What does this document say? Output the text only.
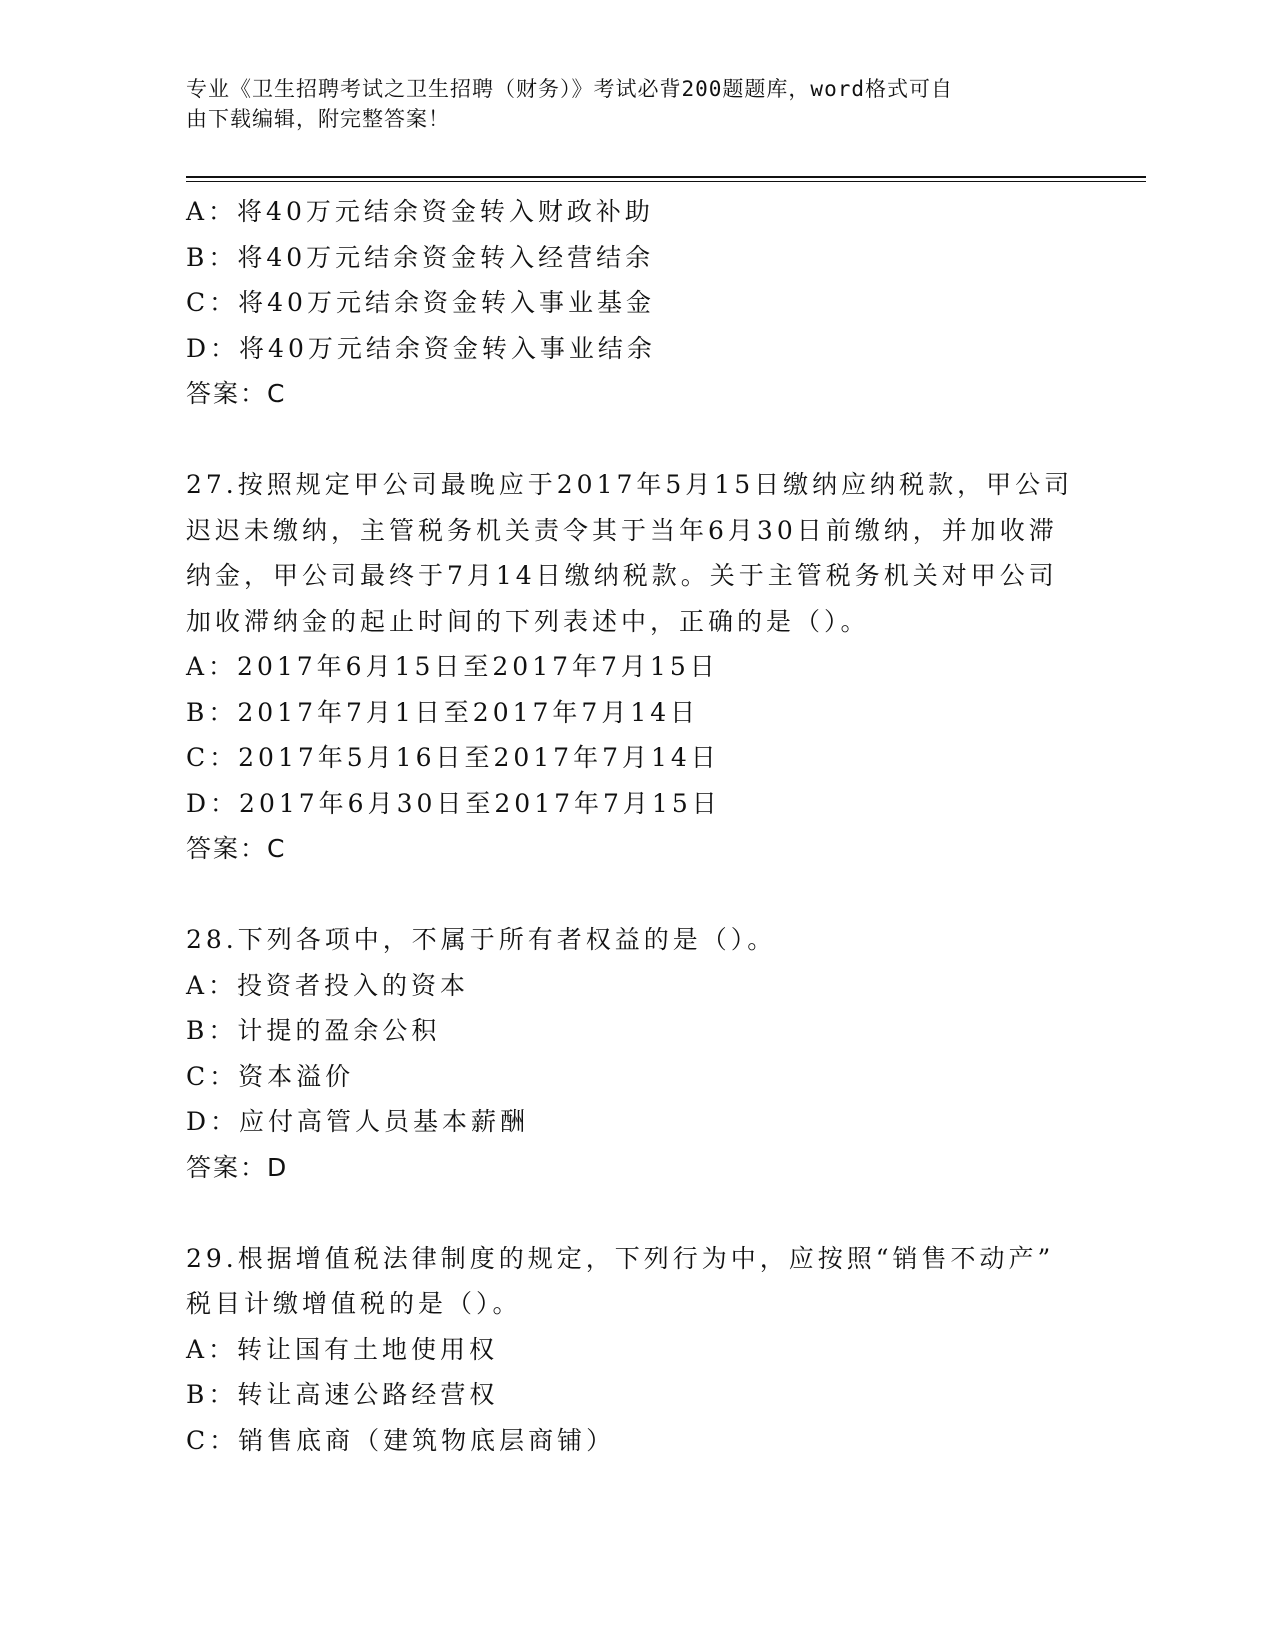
专业《卫生招聘考试之卫生招聘（财务）》考试必背200题题库，word格式可自
由下载编辑，附完整答案！
A：将40万元结余资金转入财政补助
B：将40万元结余资金转入经营结余
C：将40万元结余资金转入事业基金
D：将40万元结余资金转入事业结余
答案：C
27.按照规定甲公司最晚应于2017年5月15日缴纳应纳税款，甲公司
迟迟未缴纳，主管税务机关责令其于当年6月30日前缴纳，并加收滞
纳金，甲公司最终于7月14日缴纳税款。关于主管税务机关对甲公司
加收滞纳金的起止时间的下列表述中，正确的是（）。
A：2017年6月15日至2017年7月15日
B：2017年7月1日至2017年7月14日
C：2017年5月16日至2017年7月14日
D：2017年6月30日至2017年7月15日
答案：C
28.下列各项中，不属于所有者权益的是（）。
A：投资者投入的资本
B：计提的盈余公积
C：资本溢价
D：应付高管人员基本薪酬
答案：D
29.根据增值税法律制度的规定，下列行为中，应按照“销售不动产”
税目计缴增值税的是（）。
A：转让国有土地使用权
B：转让高速公路经营权
C：销售底商（建筑物底层商铺）
